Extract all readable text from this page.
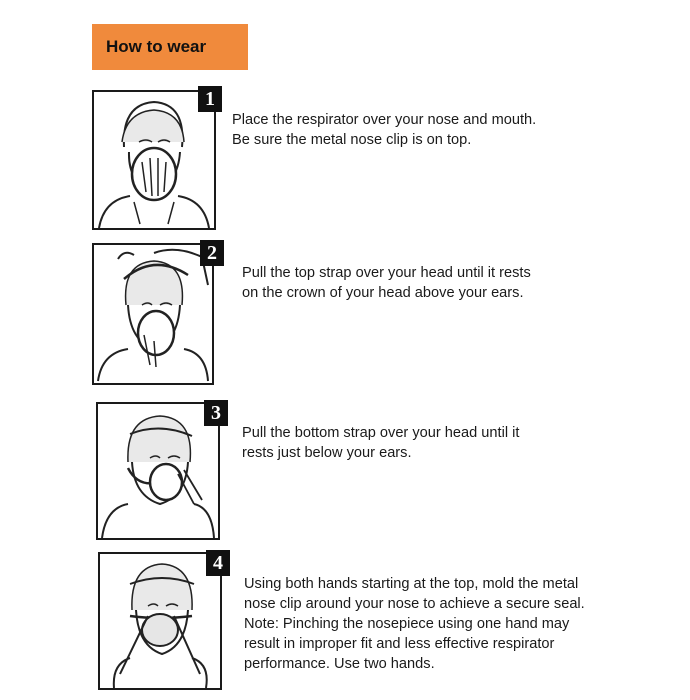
How to wear
1
Place the respirator over your nose and mouth.
Be sure the metal nose clip is on top.
2
Pull the top strap over your head until it rests
on the crown of your head above your ears.
3
Pull the bottom strap over your head until it
rests just below your ears.
4
Using both hands starting at the top, mold the metal
nose clip around your nose to achieve a secure seal.
Note: Pinching the nosepiece using one hand may
result in improper fit and less effective respirator
performance. Use two hands.
